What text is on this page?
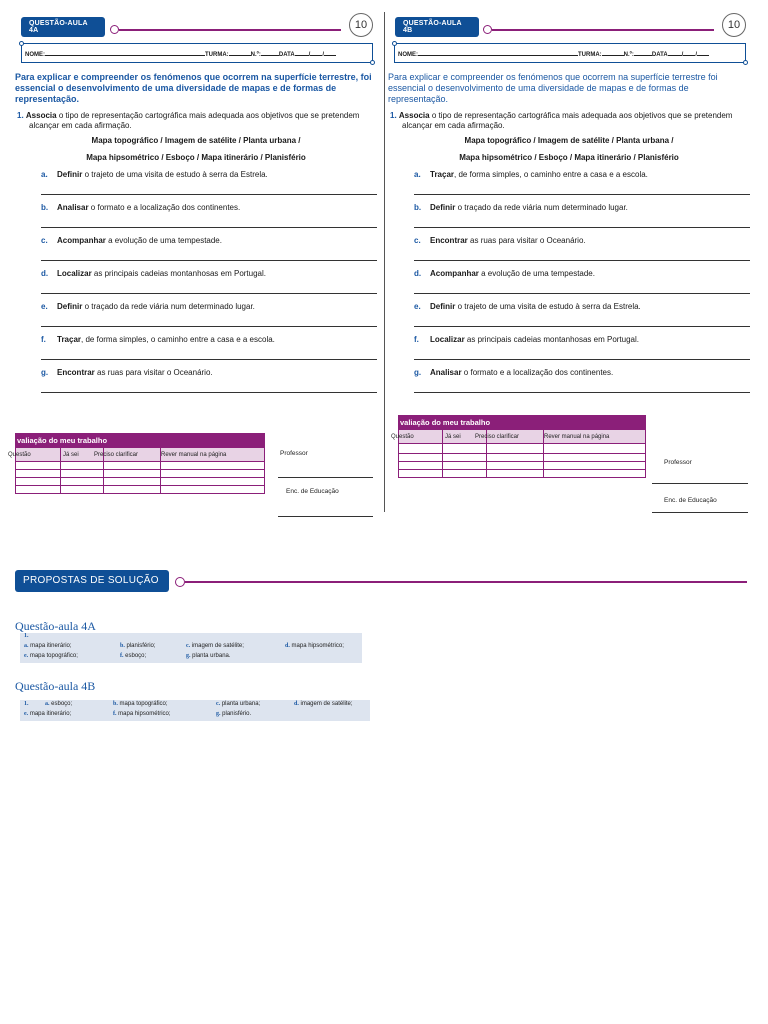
QUESTÃO-AULA 4A	10
NOME:	TURMA:	N.º:	DATA / /
Para explicar e compreender os fenómenos que ocorrem na superfície terrestre, foi essencial o desenvolvimento de uma diversidade de mapas e de formas de representação.
1. Associa o tipo de representação cartográfica mais adequada aos objetivos que se pretendem alcançar em cada afirmação.
Mapa topográfico / Imagem de satélite / Planta urbana /
Mapa hipsométrico / Esboço / Mapa itinerário / Planisfério
a. Definir o trajeto de uma visita de estudo à serra da Estrela.
b. Analisar o formato e a localização dos continentes.
c. Acompanhar a evolução de uma tempestade.
d. Localizar as principais cadeias montanhosas em Portugal.
e. Definir o traçado da rede viária num determinado lugar.
f. Traçar, de forma simples, o caminho entre a casa e a escola.
g. Encontrar as ruas para visitar o Oceanário.
valiação do meu trabalho
Questão	Já sei	Preciso clarificar	Rever manual na página

				Professor
Enc. de Educação
QUESTÃO-AULA 4B	10
NOME:	TURMA:	N.º:	DATA / /
Para explicar e compreender os fenómenos que ocorrem na superfície terrestre foi essencial o desenvolvimento de uma diversidade de mapas e de formas de representação.
1. Associa o tipo de representação cartográfica mais adequada aos objetivos que se pretendem alcançar em cada afirmação.
Mapa topográfico / Imagem de satélite / Planta urbana /
Mapa hipsométrico / Esboço / Mapa itinerário / Planisfério
a. Traçar, de forma simples, o caminho entre a casa e a escola.
b. Definir o traçado da rede viária num determinado lugar.
c. Encontrar as ruas para visitar o Oceanário.
d. Acompanhar a evolução de uma tempestade.
e. Definir o trajeto de uma visita de estudo à serra da Estrela.
f. Localizar as principais cadeias montanhosas em Portugal.
g. Analisar o formato e a localização dos continentes.
valiação do meu trabalho
Questão	Já sei	Preciso clarificar	Rever manual na página

Professor
Enc. de Educação
PROPOSTAS DE SOLUÇÃO
Questão-aula 4A
1.
a. mapa itinerário;	b. planisfério;	c. imagem de satélite;	d. mapa hipsométrico;
e. mapa topográfico;	f. esboço;	g. planta urbana.
Questão-aula 4B
1.	a. esboço;	b. mapa topográfico;	c. planta urbana;	d. imagem de satélite;
e. mapa itinerário;	f. mapa hipsométrico;	g. planisfério.
